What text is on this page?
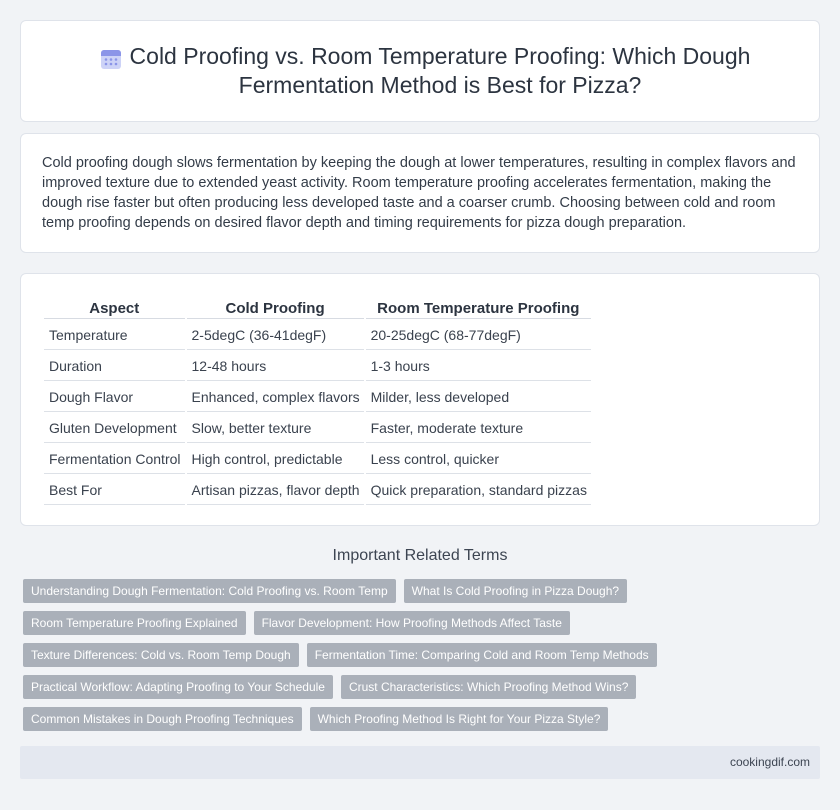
Cold Proofing vs. Room Temperature Proofing: Which Dough Fermentation Method is Best for Pizza?

Cold proofing dough slows fermentation by keeping the dough at lower temperatures, resulting in complex flavors and improved texture due to extended yeast activity. Room temperature proofing accelerates fermentation, making the dough rise faster but often producing less developed taste and a coarser crumb. Choosing between cold and room temp proofing depends on desired flavor depth and timing requirements for pizza dough preparation.

Aspect	Cold Proofing	Room Temperature Proofing
Temperature	2-5degC (36-41degF)	20-25degC (68-77degF)
Duration	12-48 hours	1-3 hours
Dough Flavor	Enhanced, complex flavors	Milder, less developed
Gluten Development	Slow, better texture	Faster, moderate texture
Fermentation Control	High control, predictable	Less control, quicker
Best For	Artisan pizzas, flavor depth	Quick preparation, standard pizzas
Important Related Terms
Understanding Dough Fermentation: Cold Proofing vs. Room Temp	What Is Cold Proofing in Pizza Dough?
Room Temperature Proofing Explained	Flavor Development: How Proofing Methods Affect Taste
Texture Differences: Cold vs. Room Temp Dough	Fermentation Time: Comparing Cold and Room Temp Methods
Practical Workflow: Adapting Proofing to Your Schedule	Crust Characteristics: Which Proofing Method Wins?
Common Mistakes in Dough Proofing Techniques	Which Proofing Method Is Right for Your Pizza Style?
cookingdif.com
